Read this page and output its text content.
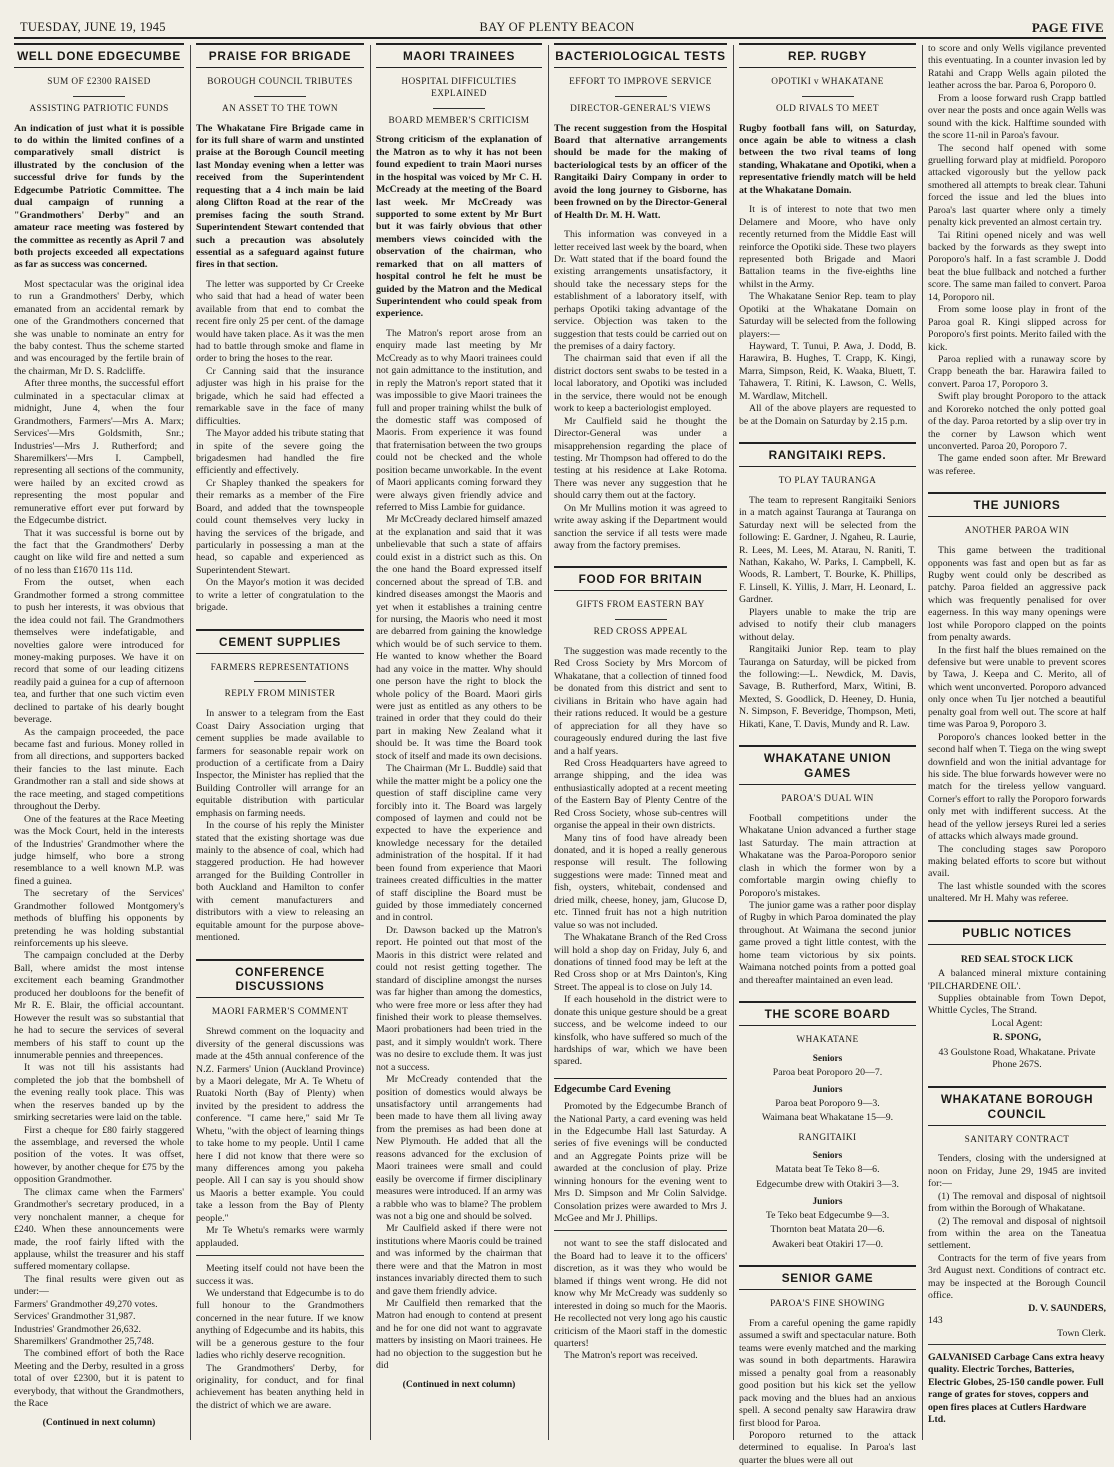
TUESDAY, JUNE 19, 1945	BAY OF PLENTY BEACON	PAGE FIVE
WELL DONE EDGECUMBE

SUM OF £2300 RAISED

ASSISTING PATRIOTIC FUNDS

An indication of just what it is possible to do within the limited confines of a comparatively small district is illustrated by the conclusion of the successful drive for funds by the Edgecumbe Patriotic Committee. The dual campaign of running a "Grandmothers' Derby" and an amateur race meeting was fostered by the committee as recently as April 7 and both projects exceeded all expectations as far as success was concerned.

Most spectacular was the original idea to run a Grandmothers' Derby, which emanated from an accidental remark by one of the Grandmothers concerned that she was unable to nominate an entry for the baby contest. Thus the scheme started and was encouraged by the fertile brain of the chairman, Mr D. S. Radcliffe.

After three months, the successful effort culminated in a spectacular climax at midnight, June 4, when the four Grandmothers, Farmers'—Mrs A. Marx; Services'—Mrs Goldsmith, Snr.; Industries'—Mrs J. Rutherford; and Sharemilkers'—Mrs I. Campbell, representing all sections of the community, were hailed by an excited crowd as representing the most popular and remunerative effort ever put forward by the Edgecumbe district.

That it was successful is borne out by the fact that the Grandmothers' Derby caught on like wild fire and netted a sum of no less than £1670 11s 11d.

From the outset, when each Grandmother formed a strong committee to push her interests, it was obvious that the idea could not fail. The Grandmothers themselves were indefatigable, and novelties galore were introduced for money-making purposes. We have it on record that some of our leading citizens readily paid a guinea for a cup of afternoon tea, and further that one such victim even declined to partake of his dearly bought beverage.

As the campaign proceeded, the pace became fast and furious. Money rolled in from all directions, and supporters backed their fancies to the last minute. Each Grandmother ran a stall and side shows at the race meeting, and staged competitions throughout the Derby.

One of the features at the Race Meeting was the Mock Court, held in the interests of the Industries' Grandmother where the judge himself, who bore a strong resemblance to a well known M.P. was fined a guinea.

The secretary of the Services' Grandmother followed Montgomery's methods of bluffing his opponents by pretending he was holding substantial reinforcements up his sleeve.

The campaign concluded at the Derby Ball, where amidst the most intense excitement each beaming Grandmother produced her doubloons for the benefit of Mr R. E. Blair, the official accountant. However the result was so substantial that he had to secure the services of several members of his staff to count up the innumerable pennies and threepences.

It was not till his assistants had completed the job that the bombshell of the evening really took place. This was when the reserves banded up by the smirking secretaries were laid on the table.

First a cheque for £80 fairly staggered the assemblage, and reversed the whole position of the votes. It was offset, however, by another cheque for £75 by the opposition Grandmother.

The climax came when the Farmers' Grandmother's secretary produced, in a very nonchalent manner, a cheque for £240. When these announcements were made, the roof fairly lifted with the applause, whilst the treasurer and his staff suffered momentary collapse.

The final results were given out as under:—

Farmers' Grandmother 49,270 votes.

Services' Grandmother 31,987.

Industries' Grandmother 26,632.

Sharemilkers' Grandmother 25,748.

The combined effort of both the Race Meeting and the Derby, resulted in a gross total of over £2300, but it is patent to everybody, that without the Grandmothers, the Race

(Continued in next column)

PRAISE FOR BRIGADE

BOROUGH COUNCIL TRIBUTES

AN ASSET TO THE TOWN

The Whakatane Fire Brigade came in for its full share of warm and unstinted praise at the Borough Council meeting last Monday evening when a letter was received from the Superintendent requesting that a 4 inch main be laid along Clifton Road at the rear of the premises facing the south Strand. Superintendent Stewart contended that such a precaution was absolutely essential as a safeguard against future fires in that section.

The letter was supported by Cr Creeke who said that had a head of water been available from that end to combat the recent fire only 25 per cent. of the damage would have taken place. As it was the men had to battle through smoke and flame in order to bring the hoses to the rear.

Cr Canning said that the insurance adjuster was high in his praise for the brigade, which he said had effected a remarkable save in the face of many difficulties.

The Mayor added his tribute stating that in spite of the severe going the brigadesmen had handled the fire efficiently and effectively.

Cr Shapley thanked the speakers for their remarks as a member of the Fire Board, and added that the townspeople could count themselves very lucky in having the services of the brigade, and particularly in possessing a man at the head, so capable and experienced as Superintendent Stewart.

On the Mayor's motion it was decided to write a letter of congratulation to the brigade.

CEMENT SUPPLIES

FARMERS REPRESENTATIONS

REPLY FROM MINISTER

In answer to a telegram from the East Coast Dairy Association urging that cement supplies be made available to farmers for seasonable repair work on production of a certificate from a Dairy Inspector, the Minister has replied that the Building Controller will arrange for an equitable distribution with particular emphasis on farming needs.

In the course of his reply the Minister stated that the existing shortage was due mainly to the absence of coal, which had staggered production. He had however arranged for the Building Controller in both Auckland and Hamilton to confer with cement manufacturers and distributors with a view to releasing an equitable amount for the purpose above-mentioned.

CONFERENCE DISCUSSIONS

MAORI FARMER'S COMMENT

Shrewd comment on the loquacity and diversity of the general discussions was made at the 45th annual conference of the N.Z. Farmers' Union (Auckland Province) by a Maori delegate, Mr A. Te Whetu of Ruatoki North (Bay of Plenty) when invited by the president to address the conference. "I came here," said Mr Te Whetu, "with the object of learning things to take home to my people. Until I came here I did not know that there were so many differences among you pakeha people. All I can say is you should show us Maoris a better example. You could take a lesson from the Bay of Plenty people."

Mr Te Whetu's remarks were warmly applauded.

Meeting itself could not have been the success it was.

We understand that Edgecumbe is to do full honour to the Grandmothers concerned in the near future. If we know anything of Edgecumbe and its habits, this will be a generous gesture to the four ladies who richly deserve recognition.

The Grandmothers' Derby, for originality, for conduct, and for final achievement has beaten anything held in the district of which we are aware.

MAORI TRAINEES

HOSPITAL DIFFICULTIES EXPLAINED

BOARD MEMBER'S CRITICISM

Strong criticism of the explanation of the Matron as to why it has not been found expedient to train Maori nurses in the hospital was voiced by Mr C. H. McCready at the meeting of the Board last week. Mr McCready was supported to some extent by Mr Burt but it was fairly obvious that other members views coincided with the observation of the chairman, who remarked that on all matters of hospital control he felt he must be guided by the Matron and the Medical Superintendent who could speak from experience.

The Matron's report arose from an enquiry made last meeting by Mr McCready as to why Maori trainees could not gain admittance to the institution, and in reply the Matron's report stated that it was impossible to give Maori trainees the full and proper training whilst the bulk of the domestic staff was composed of Maoris. From experience it was found that fraternisation between the two groups could not be checked and the whole position became unworkable. In the event of Maori applicants coming forward they were always given friendly advice and referred to Miss Lambie for guidance.

Mr McCready declared himself amazed at the explanation and said that it was unbelievable that such a state of affairs could exist in a district such as this. On the one hand the Board expressed itself concerned about the spread of T.B. and kindred diseases amongst the Maoris and yet when it establishes a training centre for nursing, the Maoris who need it most are debarred from gaining the knowledge which would be of such service to them. He wanted to know whether the Board had any voice in the matter. Why should one person have the right to block the whole policy of the Board. Maori girls were just as entitled as any others to be trained in order that they could do their part in making New Zealand what it should be. It was time the Board took stock of itself and made its own decisions.

The Chairman (Mr L. Buddle) said that while the matter might be a policy one the question of staff discipline came very forcibly into it. The Board was largely composed of laymen and could not be expected to have the experience and knowledge necessary for the detailed administration of the hospital. If it had been found from experience that Maori trainees created difficulties in the matter of staff discipline the Board must be guided by those immediately concerned and in control.

Dr. Dawson backed up the Matron's report. He pointed out that most of the Maoris in this district were related and could not resist getting together. The standard of discipline amongst the nurses was far higher than among the domestics, who were free more or less after they had finished their work to please themselves. Maori probationers had been tried in the past, and it simply wouldn't work. There was no desire to exclude them. It was just not a success.

Mr McCready contended that the position of domestics would always be unsatisfactory until arrangements had been made to have them all living away from the premises as had been done at New Plymouth. He added that all the reasons advanced for the exclusion of Maori trainees were small and could easily be overcome if firmer disciplinary measures were introduced. If an army was a rabble who was to blame? The problem was not a big one and should be solved.

Mr Caulfield asked if there were not institutions where Maoris could be trained and was informed by the chairman that there were and that the Matron in most instances invariably directed them to such and gave them friendly advice.

Mr Caulfield then remarked that the Matron had enough to contend at present and he for one did not want to aggravate matters by insisting on Maori trainees. He had no objection to the suggestion but he did

(Continued in next column)

BACTERIOLOGICAL TESTS

EFFORT TO IMPROVE SERVICE

DIRECTOR-GENERAL'S VIEWS

The recent suggestion from the Hospital Board that alternative arrangements should be made for the making of bacteriological tests by an officer of the Rangitaiki Dairy Company in order to avoid the long journey to Gisborne, has been frowned on by the Director-General of Health Dr. M. H. Watt.

This information was conveyed in a letter received last week by the board, when Dr. Watt stated that if the board found the existing arrangements unsatisfactory, it should take the necessary steps for the establishment of a laboratory itself, with perhaps Opotiki taking advantage of the service. Objection was taken to the suggestion that tests could be carried out on the premises of a dairy factory.

The chairman said that even if all the district doctors sent swabs to be tested in a local laboratory, and Opotiki was included in the service, there would not be enough work to keep a bacteriologist employed.

Mr Caulfield said he thought the Director-General was under a misapprehension regarding the place of testing. Mr Thompson had offered to do the testing at his residence at Lake Rotoma. There was never any suggestion that he should carry them out at the factory.

On Mr Mullins motion it was agreed to write away asking if the Department would sanction the service if all tests were made away from the factory premises.

FOOD FOR BRITAIN

GIFTS FROM EASTERN BAY

RED CROSS APPEAL

The suggestion was made recently to the Red Cross Society by Mrs Morcom of Whakatane, that a collection of tinned food be donated from this district and sent to civilians in Britain who have again had their rations reduced. It would be a gesture of appreciation for all they have so courageously endured during the last five and a half years.

Red Cross Headquarters have agreed to arrange shipping, and the idea was enthusiastically adopted at a recent meeting of the Eastern Bay of Plenty Centre of the Red Cross Society, whose sub-centres will organise the appeal in their own districts.

Many tins of food have already been donated, and it is hoped a really generous response will result. The following suggestions were made: Tinned meat and fish, oysters, whitebait, condensed and dried milk, cheese, honey, jam, Glucose D, etc. Tinned fruit has not a high nutrition value so was not included.

The Whakatane Branch of the Red Cross will hold a shop day on Friday, July 6, and donations of tinned food may be left at the Red Cross shop or at Mrs Dainton's, King Street. The appeal is to close on July 14.

If each household in the district were to donate this unique gesture should be a great success, and be welcome indeed to our kinsfolk, who have suffered so much of the hardships of war, which we have been spared.

Edgecumbe Card Evening

Promoted by the Edgecumbe Branch of the National Party, a card evening was held in the Edgecumbe Hall last Saturday. A series of five evenings will be conducted and an Aggregate Points prize will be awarded at the conclusion of play. Prize winning honours for the evening went to Mrs D. Simpson and Mr Colin Salvidge. Consolation prizes were awarded to Mrs J. McGee and Mr J. Phillips.

not want to see the staff dislocated and the Board had to leave it to the officers' discretion, as it was they who would be blamed if things went wrong. He did not know why Mr McCready was suddenly so interested in doing so much for the Maoris. He recollected not very long ago his caustic criticism of the Maori staff in the domestic quarters!

The Matron's report was received.

REP. RUGBY

OPOTIKI v WHAKATANE

OLD RIVALS TO MEET

Rugby football fans will, on Saturday, once again be able to witness a clash between the two rival teams of long standing, Whakatane and Opotiki, when a representative friendly match will be held at the Whakatane Domain.

It is of interest to note that two men Delamere and Moore, who have only recently returned from the Middle East will reinforce the Opotiki side. These two players represented both Brigade and Maori Battalion teams in the five-eighths line whilst in the Army.

The Whakatane Senior Rep. team to play Opotiki at the Whakatane Domain on Saturday will be selected from the following players:—

Hayward, T. Tunui, P. Awa, J. Dodd, B. Harawira, B. Hughes, T. Crapp, K. Kingi, Marra, Simpson, Reid, K. Waaka, Bluett, T. Tahawera, T. Ritini, K. Lawson, C. Wells, M. Wardlaw, Mitchell.

All of the above players are requested to be at the Domain on Saturday by 2.15 p.m.

RANGITAIKI REPS.

TO PLAY TAURANGA

The team to represent Rangitaiki Seniors in a match against Tauranga at Tauranga on Saturday next will be selected from the following: E. Gardner, J. Ngaheu, R. Laurie, R. Lees, M. Lees, M. Atarau, N. Raniti, T. Nathan, Kakaho, W. Parks, I. Campbell, K. Woods, R. Lambert, T. Bourke, K. Phillips, F. Linsell, K. Yillis, J. Marr, H. Leonard, L. Gardner.

Players unable to make the trip are advised to notify their club managers without delay.

Rangitaiki Junior Rep. team to play Tauranga on Saturday, will be picked from the following:—L. Newdick, M. Davis, Savage, B. Rutherford, Marx, Witini, B. Mexted, S. Goodlick, D. Heeney, D. Hunia, N. Simpson, F. Beveridge, Thompson, Meti, Hikati, Kane, T. Davis, Mundy and R. Law.

WHAKATANE UNION GAMES

PAROA'S DUAL WIN

Football competitions under the Whakatane Union advanced a further stage last Saturday. The main attraction at Whakatane was the Paroa-Poroporo senior clash in which the former won by a comfortable margin owing chiefly to Poroporo's mistakes.

The junior game was a rather poor display of Rugby in which Paroa dominated the play throughout. At Waimana the second junior game proved a tight little contest, with the home team victorious by six points. Waimana notched points from a potted goal and thereafter maintained an even lead.

THE SCORE BOARD

WHAKATANE

Seniors

Paroa beat Poroporo 20—7.

Juniors

Paroa beat Poroporo 9—3.

Waimana beat Whakatane 15—9.

RANGITAIKI

Seniors

Matata beat Te Teko 8—6.

Edgecumbe drew with Otakiri 3—3.

Juniors

Te Teko beat Edgecumbe 9—3.

Thornton beat Matata 20—6.

Awakeri beat Otakiri 17—0.

SENIOR GAME

PAROA'S FINE SHOWING

From a careful opening the game rapidly assumed a swift and spectacular nature. Both teams were evenly matched and the marking was sound in both departments. Harawira missed a penalty goal from a reasonably good position but his kick set the yellow pack moving and the blues had an anxious spell. A second penalty saw Harawira draw first blood for Paroa.

Poroporo returned to the attack determined to equalise. In Paroa's last quarter the blues were all out

to score and only Wells vigilance prevented this eventuating. In a counter invasion led by Ratahi and Crapp Wells again piloted the leather across the bar. Paroa 6, Poroporo 0.

From a loose forward rush Crapp battled over near the posts and once again Wells was sound with the kick. Halftime sounded with the score 11-nil in Paroa's favour.

The second half opened with some gruelling forward play at midfield. Poroporo attacked vigorously but the yellow pack smothered all attempts to break clear. Tahuni forced the issue and led the blues into Paroa's last quarter where only a timely penalty kick prevented an almost certain try.

Tai Ritini opened nicely and was well backed by the forwards as they swept into Poroporo's half. In a fast scramble J. Dodd beat the blue fullback and notched a further score. The same man failed to convert. Paroa 14, Poroporo nil.

From some loose play in front of the Paroa goal R. Kingi slipped across for Poroporo's first points. Merito failed with the kick.

Paroa replied with a runaway score by Crapp beneath the bar. Harawira failed to convert. Paroa 17, Poroporo 3.

Swift play brought Poroporo to the attack and Kororeko notched the only potted goal of the day. Paroa retorted by a slip over try in the corner by Lawson which went unconverted. Paroa 20, Poroporo 7.

The game ended soon after. Mr Breward was referee.

THE JUNIORS

ANOTHER PAROA WIN

This game between the traditional opponents was fast and open but as far as Rugby went could only be described as patchy. Paroa fielded an aggressive pack which was frequently penalised for over eagerness. In this way many openings were lost while Poroporo clapped on the points from penalty awards.

In the first half the blues remained on the defensive but were unable to prevent scores by Tawa, J. Keepa and C. Merito, all of which went unconverted. Poroporo advanced only once when Tu Ijer notched a beautiful penalty goal from well out. The score at half time was Paroa 9, Poroporo 3.

Poroporo's chances looked better in the second half when T. Tiega on the wing swept downfield and won the initial advantage for his side. The blue forwards however were no match for the tireless yellow vanguard. Corner's effort to rally the Poroporo forwards only met with indifferent success. At the head of the yellow jerseys Rurei led a series of attacks which always made ground.

The concluding stages saw Poroporo making belated efforts to score but without avail.

The last whistle sounded with the scores unaltered. Mr H. Mahy was referee.

PUBLIC NOTICES

RED SEAL STOCK LICK

A balanced mineral mixture containing 'PILCHARDENE OIL'.

Supplies obtainable from Town Depot, Whittle Cycles, The Strand.

Local Agent:

R. SPONG,

43 Goulstone Road, Whakatane. Private Phone 267S.

WHAKATANE BOROUGH COUNCIL

SANITARY CONTRACT

Tenders, closing with the undersigned at noon on Friday, June 29, 1945 are invited for:—

(1) The removal and disposal of nightsoil from within the Borough of Whakatane.

(2) The removal and disposal of nightsoil from within the area on the Taneatua settlement.

Contracts for the term of five years from 3rd August next. Conditions of contract etc. may be inspected at the Borough Council office.

D. V. SAUNDERS,

143

Town Clerk.

GALVANISED Carbage Cans extra heavy quality. Electric Torches, Batteries, Electric Globes, 25-150 candle power. Full range of grates for stoves, coppers and open fires places at Cutlers Hardware Ltd.
